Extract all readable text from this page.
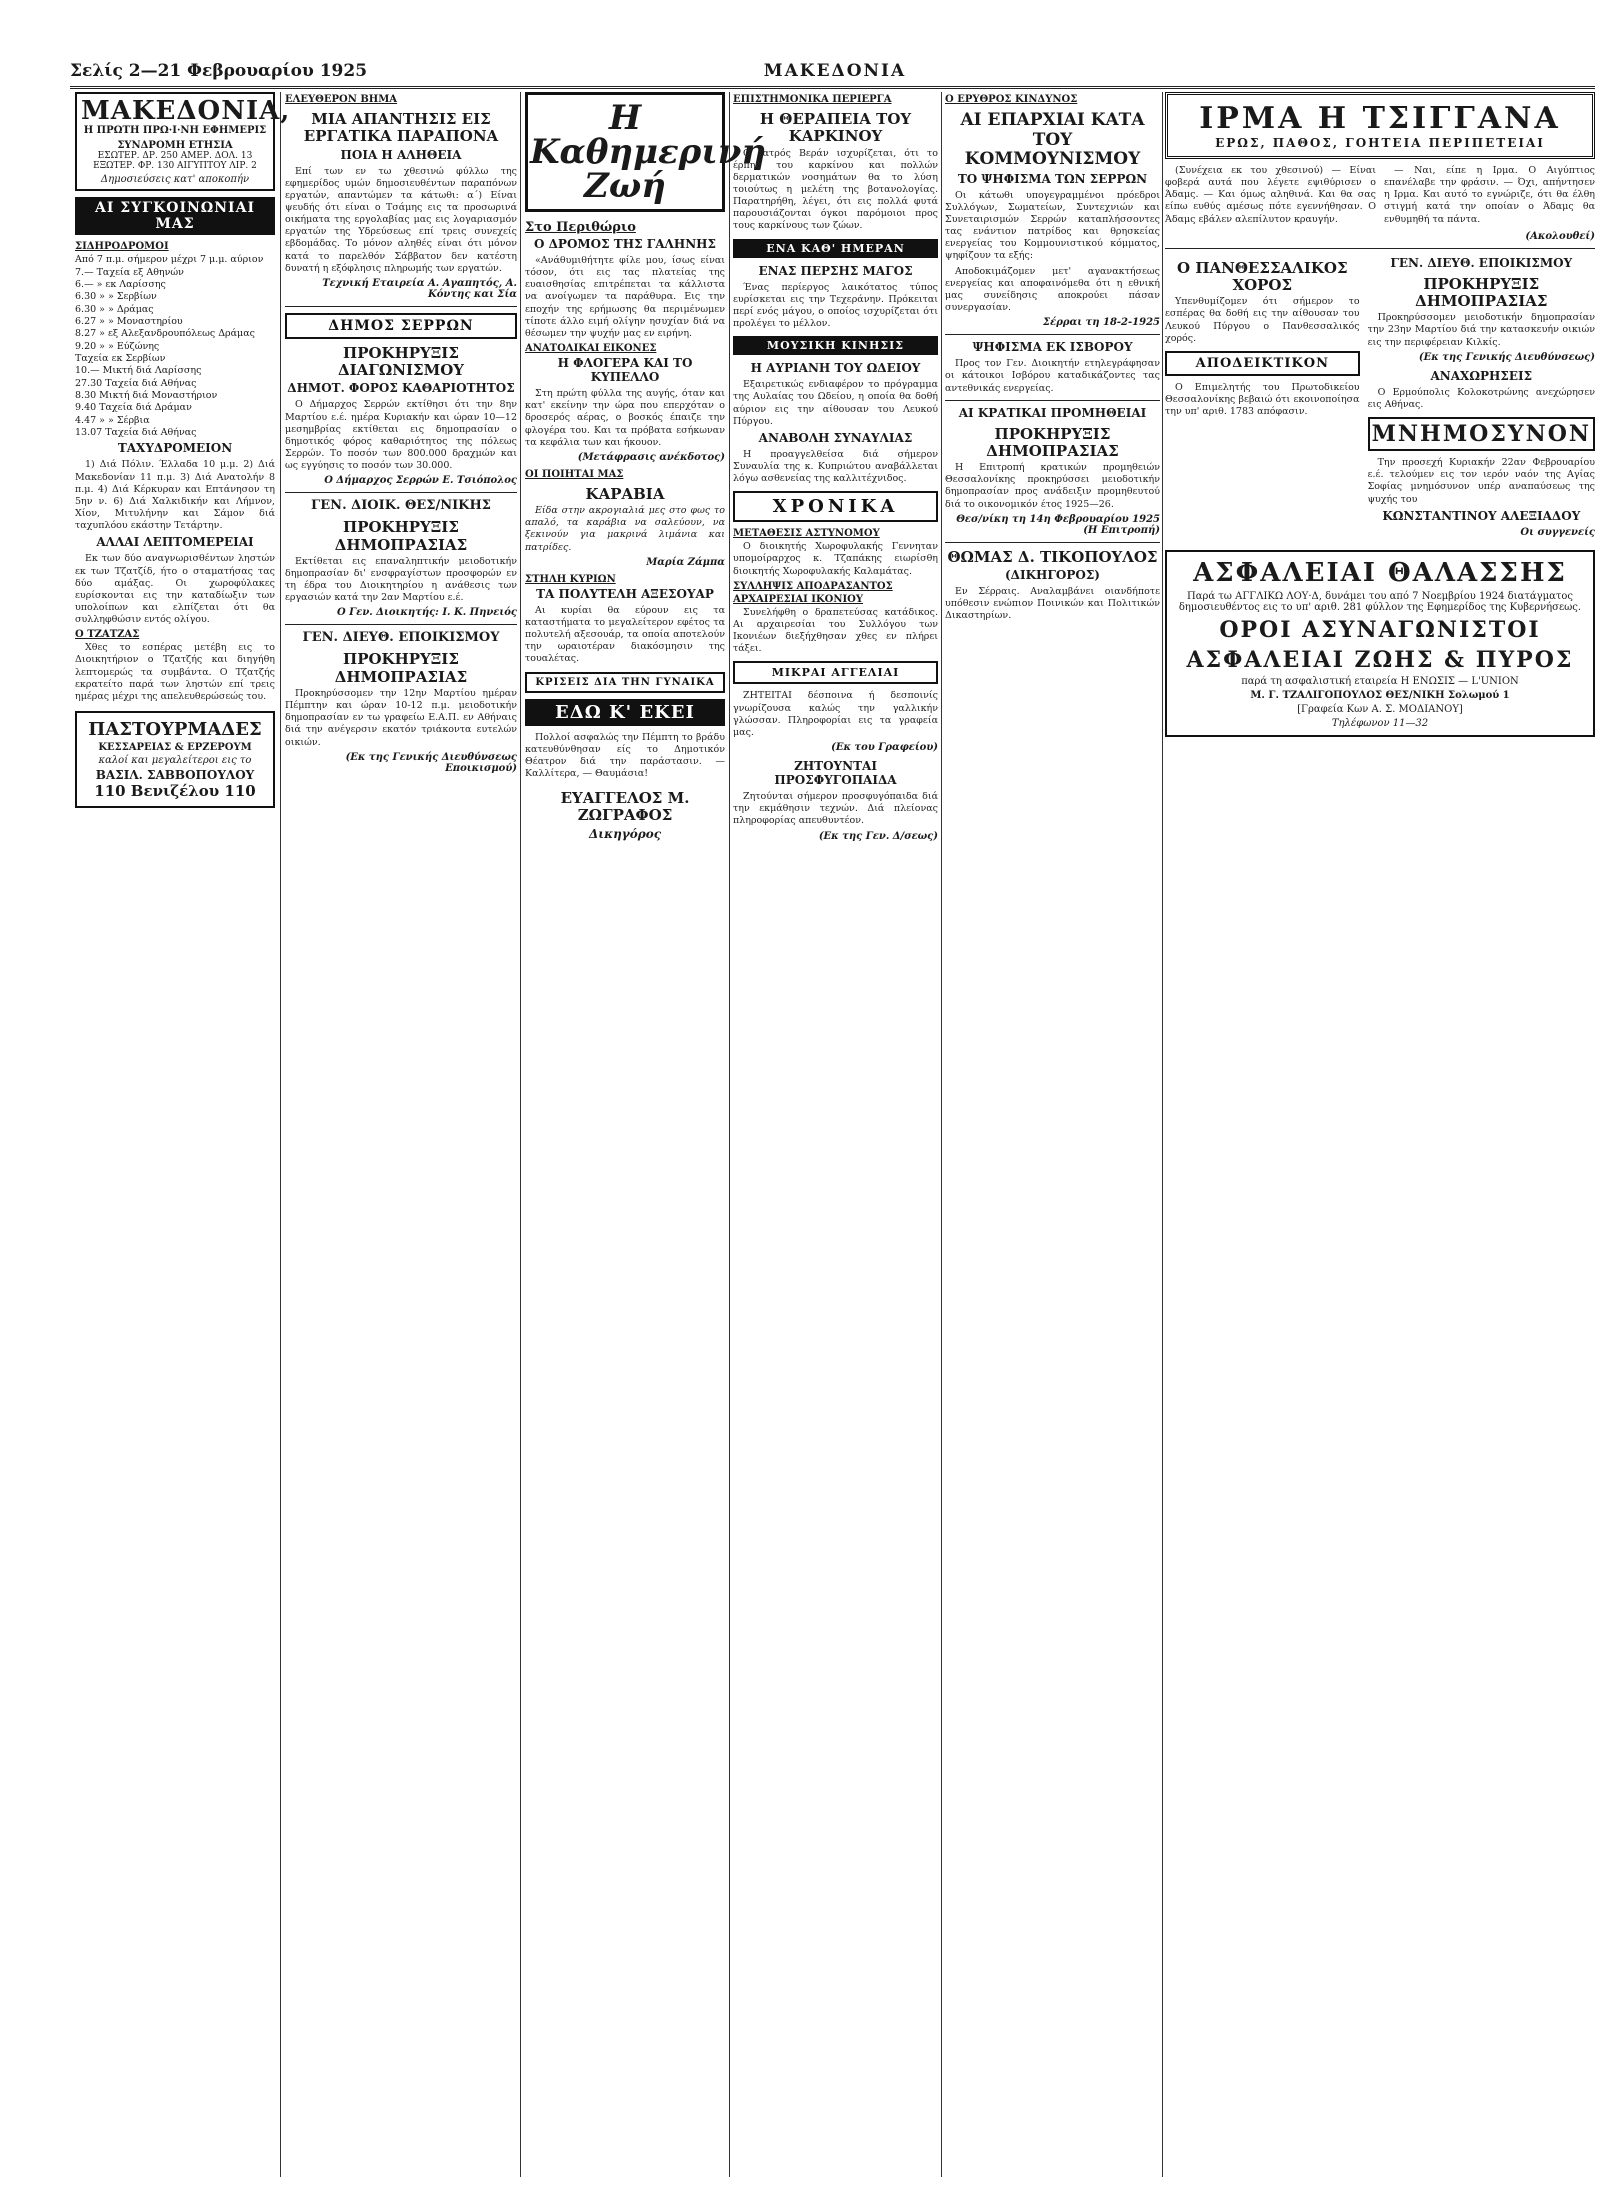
Σελίς 2—21 Φεβρουαρίου 1925	ΜΑΚΕΔΟΝΙΑ
ΜΑΚΕΔΟΝΙΑ,
Η ΠΡΩΤΗ ΠΡΩ·Ι·ΝΗ ΕΦΗΜΕΡΙΣ
ΣΥΝΔΡΟΜΗ ΕΤΗΣΙΑ
ΕΣΩΤΕΡ. ΔΡ. 250 ΑΜΕΡ. ΔΟΛ. 13
ΕΞΩΤΕΡ. ΦΡ. 130 ΑΙΓΥΠΤΟΥ ΛΙΡ. 2
Δημοσιεύσεις κατ' αποκοπήν
ΑΙ ΣΥΓΚΟΙΝΩΝΙΑΙ ΜΑΣ
ΣΙΔΗΡΟΔΡΟΜΟΙ
Από 7 π.μ. σήμερον μέχρι 7 μ.μ. αύριον
7.— Ταχεία εξ Αθηνών
6.— » εκ Λαρίσσης
6.30 » » Σερβίων
6.30 » » Δράμας
6.27 » » Μοναστηρίου
8.27 » εξ Αλεξανδρουπόλεως Δράμας
9.20 » » Εύζώνης
Ταχεία εκ Σερβίων
10.— Μικτή διά Λαρίσσης
27.30 Ταχεία διά Αθήνας
8.30 Μικτή διά Μοναστήριον
9.40 Ταχεία διά Δράμαν
4.47 » » Σέρβια
13.07 Ταχεία διά Αθήνας
ΤΑΧΥΔΡΟΜΕΙΟΝ

1) Διά Πόλιν. Έλλαδα 10 μ.μ. 2) Διά Μακεδονίαν 11 π.μ. 3) Διά Ανατολήν 8 π.μ. 4) Διά Κέρκυραν και Επτάνησον τη 5ην ν. 6) Διά Χαλκιδικήν και Λήμνον, Χίον, Μιτυλήνην και Σάμον διά ταχυπλόου εκάστην Τετάρτην.

ΑΛΛΑΙ ΛΕΠΤΟΜΕΡΕΙΑΙ

Εκ των δύο αναγνωρισθέντων ληστών εκ των Τζατζίδ, ήτο ο σταματήσας τας δύο αμάξας. Οι χωροφύλακες ευρίσκονται εις την καταδίωξιν των υπολοίπων και ελπίζεται ότι θα συλληφθώσιν εντός ολίγου.

Ο ΤΖΑΤΖΑΣ

Χθες το εσπέρας μετέβη εις το Διοικητήριον ο Τζατζής και διηγήθη λεπτομερώς τα συμβάντα. Ο Τζατζής εκρατείτο παρά των ληστών επί τρεις ημέρας μέχρι της απελευθερώσεώς του.

ΠΑΣΤΟΥΡΜΑΔΕΣ
ΚΕΣΣΑΡΕΙΑΣ & ΕΡΖΕΡΟΥΜ
καλοί και μεγαλείτεροι εις το
ΒΑΣΙΛ. ΣΑΒΒΟΠΟΥΛΟΥ
110 Βενιζέλου 110
ΕΛΕΥΘΕΡΟΝ ΒΗΜΑ
ΜΙΑ ΑΠΑΝΤΗΣΙΣ ΕΙΣ ΕΡΓΑΤΙΚΑ ΠΑΡΑΠΟΝΑ
ΠΟΙΑ Η ΑΛΗΘΕΙΑ

Επί των εν τω χθεσινώ φύλλω της εφημερίδος υμών δημοσιευθέντων παραπόνων εργατών, απαντώμεν τα κάτωθι: α΄) Είναι ψευδής ότι είναι ο Τσάμης εις τα προσωρινά οικήματα της εργολαβίας μας εις λογαριασμόν εργατών της Υδρεύσεως επί τρεις συνεχείς εβδομάδας. Το μόνον αληθές είναι ότι μόνον κατά το παρελθόν Σάββατον δεν κατέστη δυνατή η εξόφλησις πληρωμής των εργατών.

Τεχνική Εταιρεία Α. Αγαπητός, Α. Κόντης και Σία
ΔΗΜΟΣ ΣΕΡΡΩΝ
ΠΡΟΚΗΡΥΞΙΣ ΔΙΑΓΩΝΙΣΜΟΥ
ΔΗΜΟΤ. ΦΟΡΟΣ ΚΑΘΑΡΙΟΤΗΤΟΣ

Ο Δήμαρχος Σερρών εκτίθησι ότι την 8ην Μαρτίου ε.έ. ημέρα Κυριακήν και ώραν 10—12 μεσημβρίας εκτίθεται εις δημοπρασίαν ο δημοτικός φόρος καθαριότητος της πόλεως Σερρών. Το ποσόν των 800.000 δραχμών και ως εγγύησις το ποσόν των 30.000.

Ο Δήμαρχος Σερρών Ε. Τσιόπολος
ΓΕΝ. ΔΙΟΙΚ. ΘΕΣ/ΝΙΚΗΣ
ΠΡΟΚΗΡΥΞΙΣ ΔΗΜΟΠΡΑΣΙΑΣ

Εκτίθεται εις επαναληπτικήν μειοδοτικήν δημοπρασίαν δι' ενσφραγίστων προσφορών εν τη έδρα του Διοικητηρίου η ανάθεσις των εργασιών κατά την 2αν Μαρτίου ε.έ.

Ο Γεν. Διοικητής: Ι. Κ. Πηνειός
ΓΕΝ. ΔΙΕΥΘ. ΕΠΟΙΚΙΣΜΟΥ
ΠΡΟΚΗΡΥΞΙΣ ΔΗΜΟΠΡΑΣΙΑΣ

Προκηρύσσομεν την 12ην Μαρτίου ημέραν Πέμπτην και ώραν 10-12 π.μ. μειοδοτικήν δημοπρασίαν εν τω γραφείω Ε.Α.Π. εν Αθήναις διά την ανέγερσιν εκατόν τριάκοντα ευτελών οικιών.

(Εκ της Γενικής Διευθύνσεως Εποικισμού)
Η Καθημερινή Ζωή
Στο Περιθώριο
Ο ΔΡΟΜΟΣ ΤΗΣ ΓΑΛΗΝΗΣ

«Ανάθυμιθήτητε φίλε μου, ίσως είναι τόσον, ότι εις τας πλατείας της ευαισθησίας επιτρέπεται τα κάλλιστα να ανοίγωμεν τα παράθυρα. Εις την εποχήν της ερήμωσης θα περιμένωμεν τίποτε άλλο ειμή ολίγην ησυχίαν διά να θέσωμεν την ψυχήν μας εν ειρήνη.

ΑΝΑΤΟΛΙΚΑΙ ΕΙΚΟΝΕΣ
Η ΦΛΟΓΕΡΑ ΚΑΙ ΤΟ ΚΥΠΕΛΛΟ

Στη πρώτη φύλλα της αυγής, όταν και κατ' εκείνην την ώρα που επερχόταν ο δροσερός αέρας, ο βοσκός έπαιζε την φλογέρα του. Και τα πρόβατα εσήκωναν τα κεφάλια των και ήκουον.

(Μετάφρασις ανέκδοτος)
ΟΙ ΠΟΙΗΤΑΙ ΜΑΣ
ΚΑΡΑΒΙΑ

Είδα στην ακρογιαλιά μες στο φως το απαλό, τα καράβια να σαλεύουν, να ξεκινούν για μακρινά λιμάνια και πατρίδες.

Μαρία Ζάμπα
ΣΤΗΛΗ ΚΥΡΙΩΝ
ΤΑ ΠΟΛΥΤΕΛΗ ΑΞΕΣΟΥΑΡ

Αι κυρίαι θα εύρουν εις τα καταστήματα το μεγαλείτερον εφέτος τα πολυτελή αξεσουάρ, τα οποία αποτελούν την ωραιοτέραν διακόσμησιν της τουαλέτας.

ΚΡΙΣΕΙΣ ΔΙΑ ΤΗΝ ΓΥΝΑΙΚΑ
ΕΔΩ Κ' ΕΚΕΙ

Πολλοί ασφαλώς την Πέμπτη το βράδυ κατευθύνθησαν είς το Δημοτικόν Θέατρον διά την παράστασιν. — Καλλίτερα, — Θαυμάσια!

ΕΥΑΓΓΕΛΟΣ Μ. ΖΩΓΡΑΦΟΣ
Δικηγόρος
ΕΠΙΣΤΗΜΟΝΙΚΑ ΠΕΡΙΕΡΓΑ
Η ΘΕΡΑΠΕΙΑ ΤΟΥ ΚΑΡΚΙΝΟΥ

Ο Ιατρός Βεράν ισχυρίζεται, ότι το έρπης του καρκίνου και πολλών δερματικών νοσημάτων θα το λύση τοιούτως η μελέτη της βοτανολογίας. Παρατηρήθη, λέγει, ότι εις πολλά φυτά παρουσιάζονται όγκοι παρόμοιοι προς τους καρκίνους των ζώων.

ΕΝΑ ΚΑΘ' ΗΜΕΡΑΝ
ΕΝΑΣ ΠΕΡΣΗΣ ΜΑΓΟΣ

Ένας περίεργος λαικότατος τύπος ευρίσκεται εις την Τεχεράνην. Πρόκειται περί ενός μάγου, ο οποίος ισχυρίζεται ότι προλέγει το μέλλον.

ΜΟΥΣΙΚΗ ΚΙΝΗΣΙΣ
Η ΑΥΡΙΑΝΗ ΤΟΥ ΩΔΕΙΟΥ

Εξαιρετικώς ενδιαφέρον το πρόγραμμα της Αυλαίας του Ωδείου, η οποία θα δοθή αύριον εις την αίθουσαν του Λευκού Πύργου.

ΑΝΑΒΟΛΗ ΣΥΝΑΥΛΙΑΣ

Η προαγγελθείσα διά σήμερον Συναυλία της κ. Κυπριώτου αναβάλλεται λόγω ασθενείας της καλλιτέχνιδος.

ΧΡΟΝΙΚΑ
ΜΕΤΑΘΕΣΙΣ ΑΣΤΥΝΟΜΟΥ

Ο διοικητής Χωροφυλακής Γεννηταν υπομοίραρχος κ. Τζαπάκης ειωρίσθη διοικητής Χωροφυλακής Καλαμάτας.

ΣΥΛΛΗΨΙΣ ΑΠΟΔΡΑΣΑΝΤΟΣ
ΑΡΧΑΙΡΕΣΙΑΙ ΙΚΟΝΙΟΥ

Συνελήφθη ο δραπετεύσας κατάδικος. Αι αρχαιρεσίαι του Συλλόγου των Ικονιέων διεξήχθησαν χθες εν πλήρει τάξει.

ΜΙΚΡΑΙ ΑΓΓΕΛΙΑΙ

ΖΗΤΕΙΤΑΙ δέσποινα ή δεσποινίς γνωρίζουσα καλώς την γαλλικήν γλώσσαν. Πληροφορίαι εις τα γραφεία μας.

(Εκ του Γραφείου)
ΖΗΤΟΥΝΤΑΙ ΠΡΟΣΦΥΓΟΠΑΙΔΑ

Ζητούνται σήμερον προσφυγόπαιδα διά την εκμάθησιν τεχνών. Διά πλείονας πληροφορίας απευθυντέον.

(Εκ της Γεν. Δ/σεως)
Ο ΕΡΥΘΡΟΣ ΚΙΝΔΥΝΟΣ
ΑΙ ΕΠΑΡΧΙΑΙ ΚΑΤΑ ΤΟΥ ΚΟΜΜΟΥΝΙΣΜΟΥ
ΤΟ ΨΗΦΙΣΜΑ ΤΩΝ ΣΕΡΡΩΝ

Οι κάτωθι υπογεγραμμένοι πρόεδροι Συλλόγων, Σωματείων, Συντεχνιών και Συνεταιρισμών Σερρών καταπλήσσοντες τας ενάντιον πατρίδος και θρησκείας ενεργείας του Κομμουνιστικού κόμματος, ψηφίζουν τα εξής:

Αποδοκιμάζομεν μετ' αγανακτήσεως ενεργείας και αποφαινόμεθα ότι η εθνική μας συνείδησις αποκρούει πάσαν συνεργασίαν.

Σέρραι τη 18-2-1925
ΨΗΦΙΣΜΑ ΕΚ ΙΣΒΟΡΟΥ

Προς τον Γεν. Διοικητήν ετηλεγράφησαν οι κάτοικοι Ισβόρου καταδικάζοντες τας αντεθνικάς ενεργείας.

ΑΙ ΚΡΑΤΙΚΑΙ ΠΡΟΜΗΘΕΙΑΙ
ΠΡΟΚΗΡΥΞΙΣ ΔΗΜΟΠΡΑΣΙΑΣ

Η Επιτροπή κρατικών προμηθειών Θεσσαλονίκης προκηρύσσει μειοδοτικήν δημοπρασίαν προς ανάδειξιν προμηθευτού διά το οικονομικόν έτος 1925—26.

Θεσ/νίκη τη 14η Φεβρουαρίου 1925 (Η Επιτροπή)
ΘΩΜΑΣ Δ. ΤΙΚΟΠΟΥΛΟΣ
(ΔΙΚΗΓΟΡΟΣ)

Εν Σέρραις. Αναλαμβάνει οιανδήποτε υπόθεσιν ενώπιον Ποινικών και Πολιτικών Δικαστηρίων.

ΙΡΜΑ Η ΤΣΙΓΓΑΝΑ
ΕΡΩΣ, ΠΑΘΟΣ, ΓΟΗΤΕΙΑ ΠΕΡΙΠΕΤΕΙΑΙ

(Συνέχεια εκ του χθεσινού) — Είναι φοβερά αυτά που λέγετε εψιθύρισεν ο Άδαμς. — Και όμως αληθινά. Και θα σας είπω ευθύς αμέσως πότε εγεννήθησαν. Ο Άδαμς εβάλεν αλεπίλυτον κραυγήν.

— Ναι, είπε η Ιρμα. Ο Αιγύπτιος επανέλαβε την φράσιν. — Όχι, απήντησεν η Ιρμα. Και αυτό το εγνώριζε, ότι θα έλθη στιγμή κατά την οποίαν ο Άδαμς θα ενθυμηθή τα πάντα.

(Ακολουθεί)
Ο ΠΑΝΘΕΣΣΑΛΙΚΟΣ ΧΟΡΟΣ

Υπενθυμίζομεν ότι σήμερον το εσπέρας θα δοθή εις την αίθουσαν του Λευκού Πύργου ο Πανθεσσαλικός χορός.

ΑΠΟΔΕΙΚΤΙΚΟΝ

Ο Επιμελητής του Πρωτοδικείου Θεσσαλονίκης βεβαιώ ότι εκοινοποίησα την υπ' αριθ. 1783 απόφασιν.

ΓΕΝ. ΔΙΕΥΘ. ΕΠΟΙΚΙΣΜΟΥ
ΠΡΟΚΗΡΥΞΙΣ ΔΗΜΟΠΡΑΣΙΑΣ

Προκηρύσσομεν μειοδοτικήν δημοπρασίαν την 23ην Μαρτίου διά την κατασκευήν οικιών εις την περιφέρειαν Κιλκίς.

(Εκ της Γενικής Διευθύνσεως)
ΑΝΑΧΩΡΗΣΕΙΣ

Ο Ερμούπολις Κολοκοτρώνης ανεχώρησεν εις Αθήνας.

ΜΝΗΜΟΣΥΝΟΝ

Την προσεχή Κυριακήν 22αν Φεβρουαρίου ε.έ. τελούμεν εις τον ιερόν ναόν της Αγίας Σοφίας μνημόσυνον υπέρ αναπαύσεως της ψυχής του

ΚΩΝΣΤΑΝΤΙΝΟΥ ΑΛΕΞΙΑΔΟΥ
Οι συγγενείς
ΑΣΦΑΛΕΙΑΙ ΘΑΛΑΣΣΗΣ
Παρά τω ΑΓΓΛΙΚΩ ΛΟΥ·Δ, δυνάμει του από 7 Νοεμβρίου 1924 διατάγματος δημοσιευθέντος εις το υπ' αριθ. 281 φύλλον της Εφημερίδος της Κυβερνήσεως.
ΟΡΟΙ ΑΣΥΝΑΓΩΝΙΣΤΟΙ
ΑΣΦΑΛΕΙΑΙ ΖΩΗΣ & ΠΥΡΟΣ
παρά τη ασφαλιστική εταιρεία Η ΕΝΩΣΙΣ — L'UNION
Μ. Γ. ΤΖΑΛΙΓΟΠΟΥΛΟΣ ΘΕΣ/ΝΙΚΗ Σολωμού 1
[Γραφεία Κων Α. Σ. ΜΟΔΙΑΝΟΥ]
Τηλέφωνον 11—32
